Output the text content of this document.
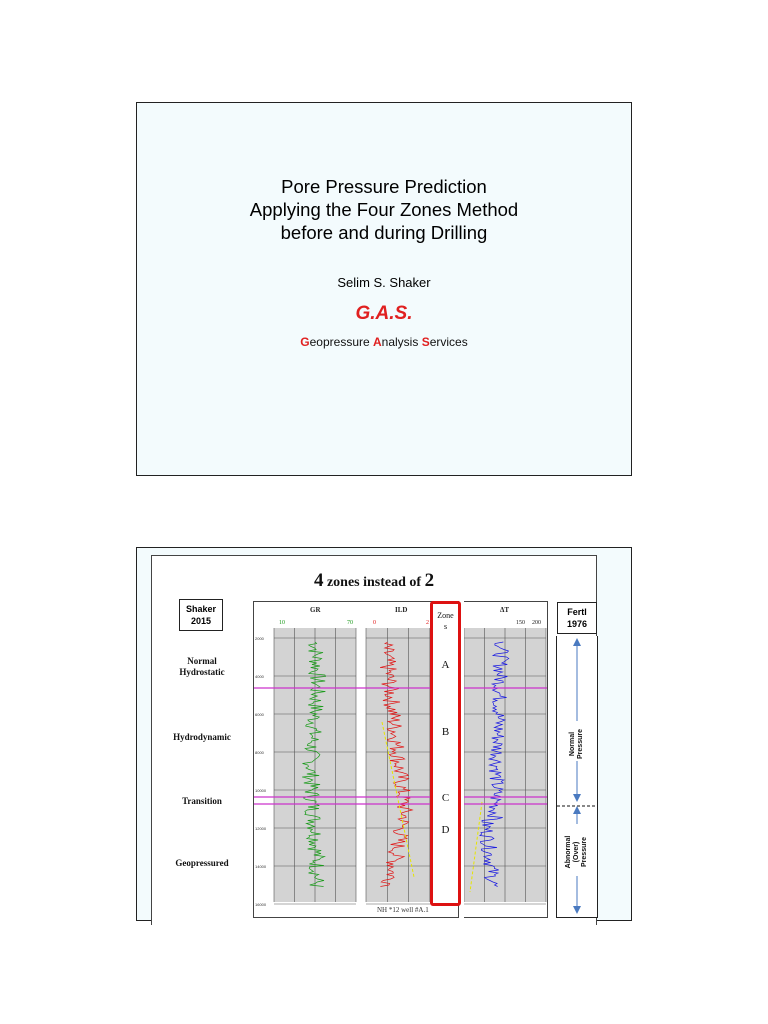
Pore Pressure Prediction
Applying the Four Zones Method
before and during Drilling
Selim S. Shaker
G.A.S.
Geopressure Analysis Services
4 zones instead of 2
Shaker
2015
Normal
Hydrostatic
Hydrodynamic
Transition
Geopressured
2000
4000
6000
8000
10000
12000
14000
16000
Zone
s
A
B
C
D
Fertl
1976
Normal Pressure
Abnormal (Over) Pressure
GR	ILD	ΔT
10	70	0	2	150 200
NH *12 well #A.1
